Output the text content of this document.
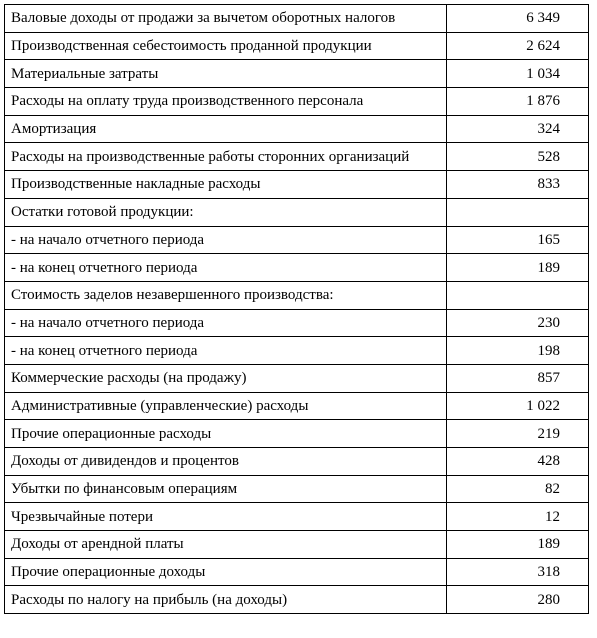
Валовые доходы от продажи за вычетом оборотных налогов	6 349
Производственная себестоимость проданной продукции	2 624
Материальные затраты	1 034
Расходы на оплату труда производственного персонала	1 876
Амортизация	324
Расходы на производственные работы сторонних организаций	528
Производственные накладные расходы	833
Остатки готовой продукции:	
- на начало отчетного периода	165
- на конец отчетного периода	189
Стоимость заделов незавершенного производства:	
- на начало отчетного периода	230
- на конец отчетного периода	198
Коммерческие расходы (на продажу)	857
Административные (управленческие) расходы	1 022
Прочие операционные расходы	219
Доходы от дивидендов и процентов	428
Убытки по финансовым операциям	82
Чрезвычайные потери	12
Доходы от арендной платы	189
Прочие операционные доходы	318
Расходы по налогу на прибыль (на доходы)	280
